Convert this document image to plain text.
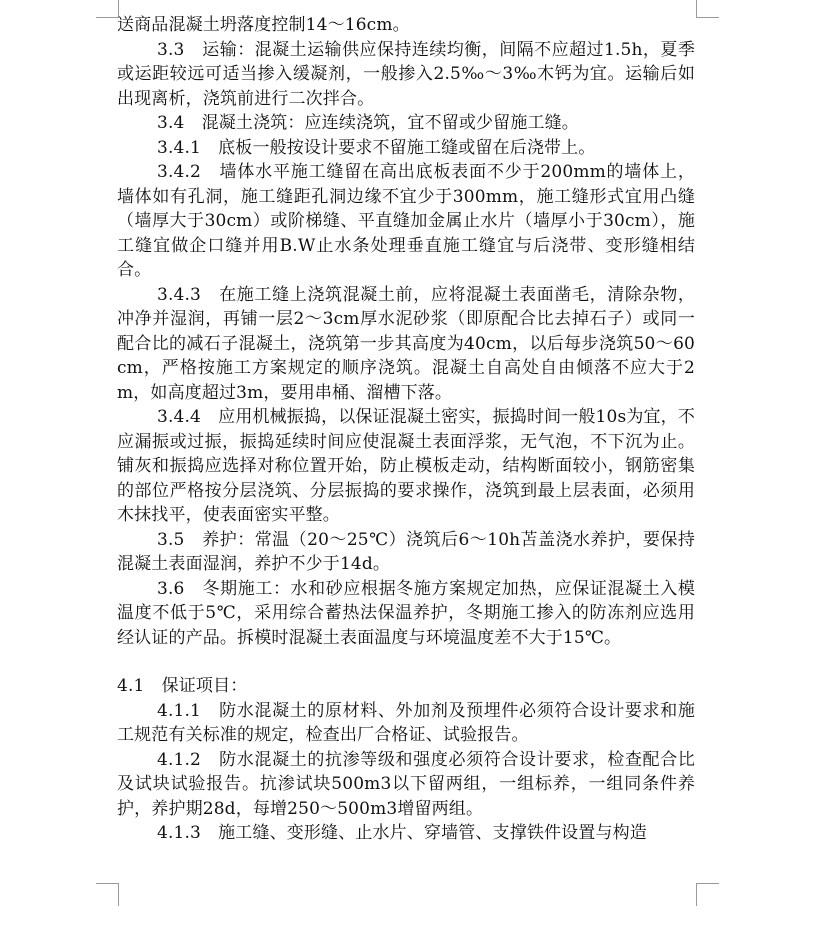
送商品混凝土坍落度控制14～16cm。

3.3　运输：混凝土运输供应保持连续均衡，间隔不应超过1.5h，夏季或运距较远可适当掺入缓凝剂，一般掺入2.5‰～3‰木钙为宜。运输后如出现离析，浇筑前进行二次拌合。

3.4　混凝土浇筑：应连续浇筑，宜不留或少留施工缝。

3.4.1　底板一般按设计要求不留施工缝或留在后浇带上。

3.4.2　墙体水平施工缝留在高出底板表面不少于200mm的墙体上，墙体如有孔洞，施工缝距孔洞边缘不宜少于300mm，施工缝形式宜用凸缝（墙厚大于30cm）或阶梯缝、平直缝加金属止水片（墙厚小于30cm），施工缝宜做企口缝并用B.W止水条处理垂直施工缝宜与后浇带、变形缝相结合。

3.4.3　在施工缝上浇筑混凝土前，应将混凝土表面凿毛，清除杂物，冲净并湿润，再铺一层2～3cm厚水泥砂浆（即原配合比去掉石子）或同一配合比的减石子混凝土，浇筑第一步其高度为40cm，以后每步浇筑50～60cm，严格按施工方案规定的顺序浇筑。混凝土自高处自由倾落不应大于2m，如高度超过3m，要用串桶、溜槽下落。

3.4.4　应用机械振捣，以保证混凝土密实，振捣时间一般10s为宜，不应漏振或过振，振捣延续时间应使混凝土表面浮浆，无气泡，不下沉为止。铺灰和振捣应选择对称位置开始，防止模板走动，结构断面较小，钢筋密集的部位严格按分层浇筑、分层振捣的要求操作，浇筑到最上层表面，必须用木抹找平，使表面密实平整。

3.5　养护：常温（20～25℃）浇筑后6～10h苫盖浇水养护，要保持混凝土表面湿润，养护不少于14d。

3.6　冬期施工：水和砂应根据冬施方案规定加热，应保证混凝土入模温度不低于5℃，采用综合蓄热法保温养护，冬期施工掺入的防冻剂应选用经认证的产品。拆模时混凝土表面温度与环境温度差不大于15℃。

4.1　保证项目：

4.1.1　防水混凝土的原材料、外加剂及预埋件必须符合设计要求和施工规范有关标准的规定，检查出厂合格证、试验报告。

4.1.2　防水混凝土的抗渗等级和强度必须符合设计要求，检查配合比及试块试验报告。抗渗试块500m3以下留两组，一组标养，一组同条件养护，养护期28d，每增250～500m3增留两组。

4.1.3　施工缝、变形缝、止水片、穿墙管、支撑铁件设置与构造
